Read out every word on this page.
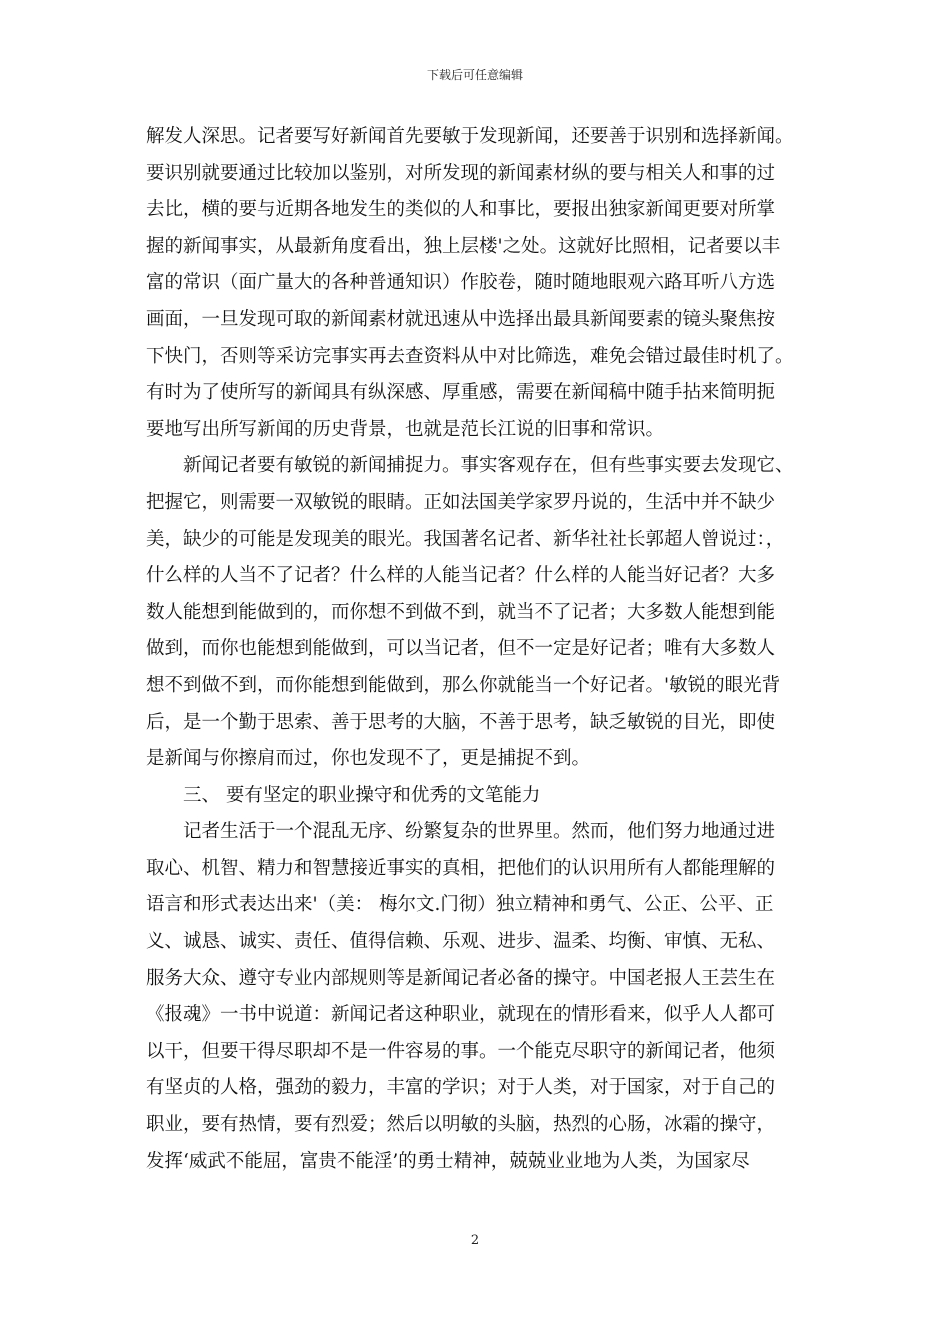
下载后可任意编辑
解发人深思。记者要写好新闻首先要敏于发现新闻，还要善于识别和选择新闻。
要识别就要通过比较加以鉴别，对所发现的新闻素材纵的要与相关人和事的过
去比，横的要与近期各地发生的类似的人和事比，要报出独家新闻更要对所掌
握的新闻事实，从最新角度看出，独上层楼'之处。这就好比照相，记者要以丰
富的常识（面广量大的各种普通知识）作胶卷，随时随地眼观六路耳听八方选
画面，一旦发现可取的新闻素材就迅速从中选择出最具新闻要素的镜头聚焦按
下快门，否则等采访完事实再去查资料从中对比筛选，难免会错过最佳时机了。
有时为了使所写的新闻具有纵深感、厚重感，需要在新闻稿中随手拈来简明扼
要地写出所写新闻的历史背景，也就是范长江说的旧事和常识。
新闻记者要有敏锐的新闻捕捉力。事实客观存在，但有些事实要去发现它、
把握它，则需要一双敏锐的眼睛。正如法国美学家罗丹说的，生活中并不缺少
美，缺少的可能是发现美的眼光。我国著名记者、新华社社长郭超人曾说过：，
什么样的人当不了记者？什么样的人能当记者？什么样的人能当好记者？大多
数人能想到能做到的，而你想不到做不到，就当不了记者；大多数人能想到能
做到，而你也能想到能做到，可以当记者，但不一定是好记者；唯有大多数人
想不到做不到，而你能想到能做到，那么你就能当一个好记者。'敏锐的眼光背
后，是一个勤于思索、善于思考的大脑，不善于思考，缺乏敏锐的目光，即使
是新闻与你擦肩而过，你也发现不了，更是捕捉不到。
三、 要有坚定的职业操守和优秀的文笔能力
记者生活于一个混乱无序、纷繁复杂的世界里。然而，他们努力地通过进
取心、机智、精力和智慧接近事实的真相，把他们的认识用所有人都能理解的
语言和形式表达出来'（美： 梅尔文.门彻）独立精神和勇气、公正、公平、正
义、诚恳、诚实、责任、值得信赖、乐观、进步、温柔、均衡、审慎、无私、
服务大众、遵守专业内部规则等是新闻记者必备的操守。中国老报人王芸生在
《报魂》一书中说道：新闻记者这种职业，就现在的情形看来，似乎人人都可
以干，但要干得尽职却不是一件容易的事。一个能克尽职守的新闻记者，他须
有坚贞的人格，强劲的毅力，丰富的学识；对于人类，对于国家，对于自己的
职业，要有热情，要有烈爱；然后以明敏的头脑，热烈的心肠，冰霜的操守，
发挥‘威武不能屈，富贵不能淫’的勇士精神，兢兢业业地为人类，为国家尽
2
